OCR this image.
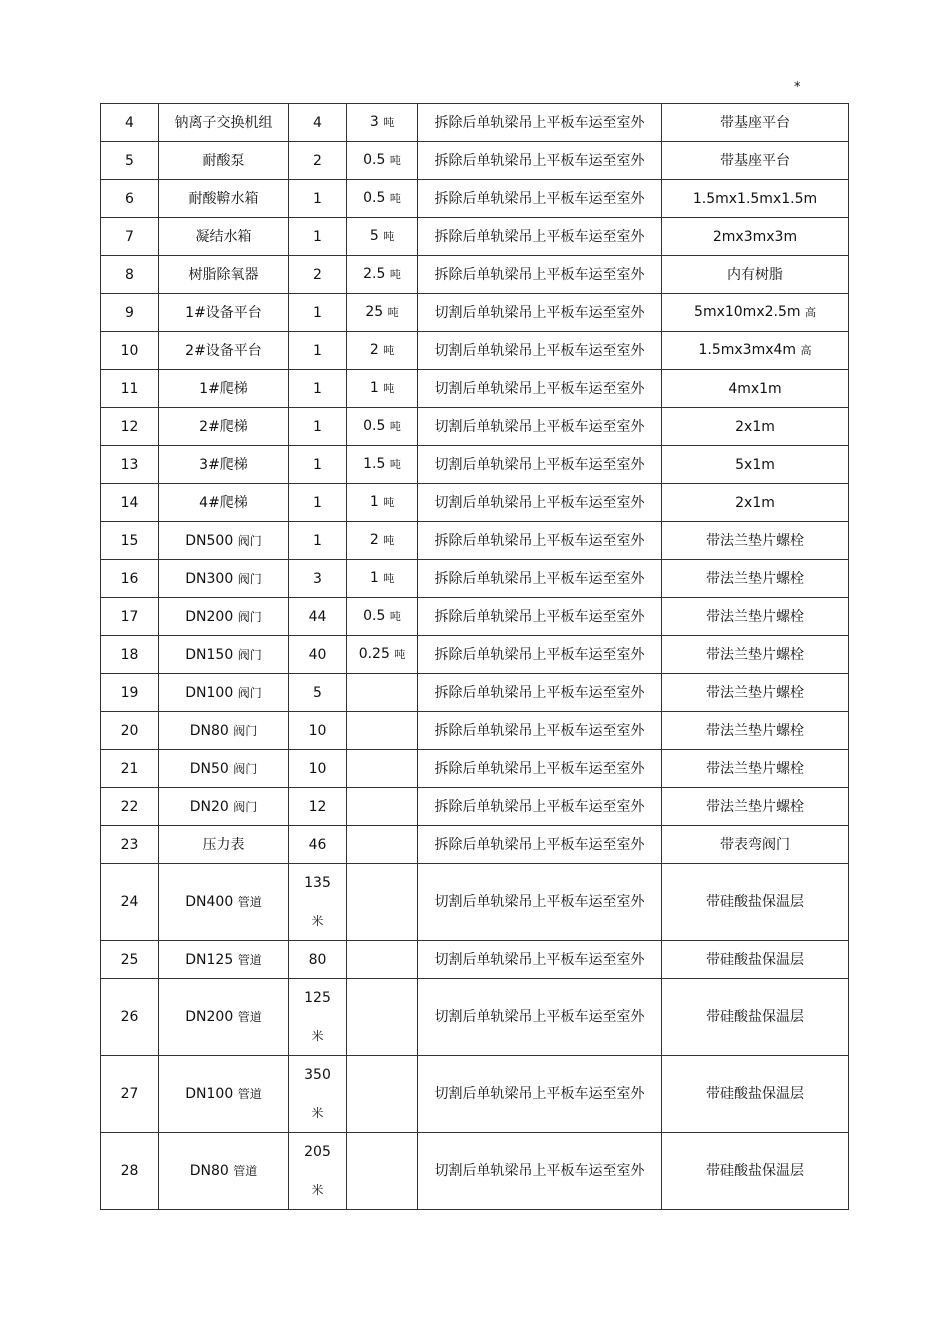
*
4	钠离子交换机组	4	3 吨	拆除后单轨梁吊上平板车运至室外	带基座平台
5	耐酸泵	2	0.5 吨	拆除后单轨梁吊上平板车运至室外	带基座平台
6	耐酸鞥水箱	1	0.5 吨	拆除后单轨梁吊上平板车运至室外	1.5mx1.5mx1.5m
7	凝结水箱	1	5 吨	拆除后单轨梁吊上平板车运至室外	2mx3mx3m
8	树脂除氧器	2	2.5 吨	拆除后单轨梁吊上平板车运至室外	内有树脂
9	1#设备平台	1	25 吨	切割后单轨梁吊上平板车运至室外	5mx10mx2.5m 高
10	2#设备平台	1	2 吨	切割后单轨梁吊上平板车运至室外	1.5mx3mx4m 高
11	1#爬梯	1	1 吨	切割后单轨梁吊上平板车运至室外	4mx1m
12	2#爬梯	1	0.5 吨	切割后单轨梁吊上平板车运至室外	2x1m
13	3#爬梯	1	1.5 吨	切割后单轨梁吊上平板车运至室外	5x1m
14	4#爬梯	1	1 吨	切割后单轨梁吊上平板车运至室外	2x1m
15	DN500 阀门	1	2 吨	拆除后单轨梁吊上平板车运至室外	带法兰垫片螺栓
16	DN300 阀门	3	1 吨	拆除后单轨梁吊上平板车运至室外	带法兰垫片螺栓
17	DN200 阀门	44	0.5 吨	拆除后单轨梁吊上平板车运至室外	带法兰垫片螺栓
18	DN150 阀门	40	0.25 吨	拆除后单轨梁吊上平板车运至室外	带法兰垫片螺栓
19	DN100 阀门	5		拆除后单轨梁吊上平板车运至室外	带法兰垫片螺栓
20	DN80 阀门	10		拆除后单轨梁吊上平板车运至室外	带法兰垫片螺栓
21	DN50 阀门	10		拆除后单轨梁吊上平板车运至室外	带法兰垫片螺栓
22	DN20 阀门	12		拆除后单轨梁吊上平板车运至室外	带法兰垫片螺栓
23	压力表	46		拆除后单轨梁吊上平板车运至室外	带表弯阀门
24	DN400 管道	135
米		切割后单轨梁吊上平板车运至室外	带硅酸盐保温层
25	DN125 管道	80		切割后单轨梁吊上平板车运至室外	带硅酸盐保温层
26	DN200 管道	125
米		切割后单轨梁吊上平板车运至室外	带硅酸盐保温层
27	DN100 管道	350
米		切割后单轨梁吊上平板车运至室外	带硅酸盐保温层
28	DN80 管道	205
米		切割后单轨梁吊上平板车运至室外	带硅酸盐保温层
